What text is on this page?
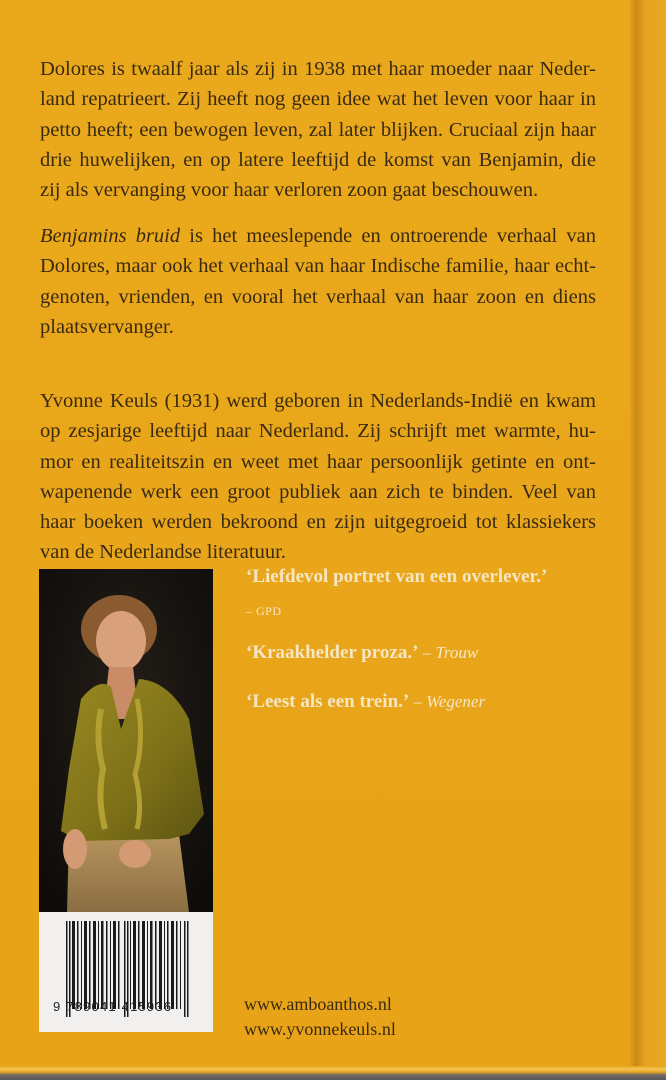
Dolores is twaalf jaar als zij in 1938 met haar moeder naar Neder-
land repatrieert. Zij heeft nog geen idee wat het leven voor haar in
petto heeft; een bewogen leven, zal later blijken. Cruciaal zijn haar
drie huwelijken, en op latere leeftijd de komst van Benjamin, die
zij als vervanging voor haar verloren zoon gaat beschouwen.
Benjamins bruid is het meeslepende en ontroerende verhaal van
Dolores, maar ook het verhaal van haar Indische familie, haar echt-
genoten, vrienden, en vooral het verhaal van haar zoon en diens
plaatsvervanger.
Yvonne Keuls (1931) werd geboren in Nederlands-Indië en kwam
op zesjarige leeftijd naar Nederland. Zij schrijft met warmte, hu-
mor en realiteitszin en weet met haar persoonlijk getinte en ont-
wapenende werk een groot publiek aan zich te binden. Veel van
haar boeken werden bekroond en zijn uitgegroeid tot klassiekers
van de Nederlandse literatuur.
9 789041 415936
‘Liefdevol portret van een overlever.’
– GPD
‘Kraakhelder proza.’ – Trouw
‘Leest als een trein.’ – Wegener
www.amboanthos.nl
www.yvonnekeuls.nl
